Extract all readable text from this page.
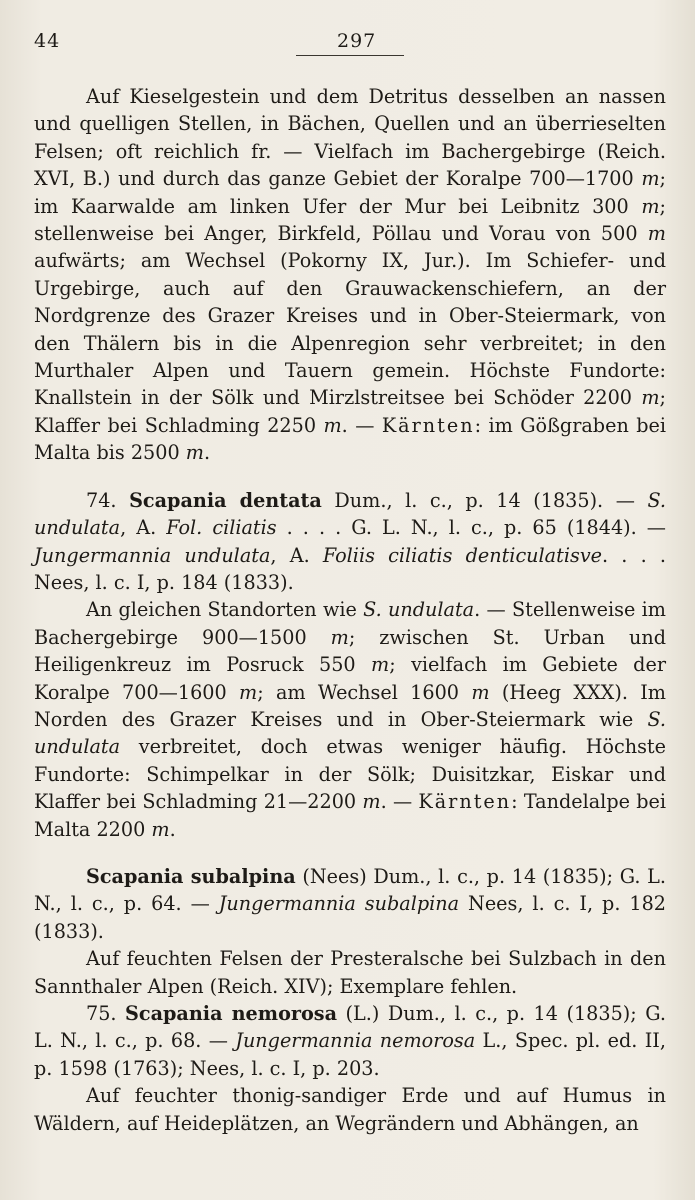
44	297

Auf Kieselgestein und dem Detritus desselben an nassen und quelligen Stellen, in Bächen, Quellen und an überrieselten Felsen; oft reichlich fr. — Vielfach im Bachergebirge (Reich. XVI, B.) und durch das ganze Gebiet der Koralpe 700—1700 m; im Kaarwalde am linken Ufer der Mur bei Leibnitz 300 m; stellenweise bei Anger, Birkfeld, Pöllau und Vorau von 500 m aufwärts; am Wechsel (Pokorny IX, Jur.). Im Schiefer- und Urgebirge, auch auf den Grauwackenschiefern, an der Nordgrenze des Grazer Kreises und in Ober-Steiermark, von den Thälern bis in die Alpenregion sehr verbreitet; in den Murthaler Alpen und Tauern gemein. Höchste Fundorte: Knallstein in der Sölk und Mirzlstreitsee bei Schöder 2200 m; Klaffer bei Schladming 2250 m. — Kärnten: im Gößgraben bei Malta bis 2500 m.

74. Scapania dentata Dum., l. c., p. 14 (1835). — S. undulata, A. Fol. ciliatis . . . . G. L. N., l. c., p. 65 (1844). — Jungermannia undulata, A. Foliis ciliatis denticulatisve. . . . Nees, l. c. I, p. 184 (1833).

An gleichen Standorten wie S. undulata. — Stellenweise im Bachergebirge 900—1500 m; zwischen St. Urban und Heiligenkreuz im Posruck 550 m; vielfach im Gebiete der Koralpe 700—1600 m; am Wechsel 1600 m (Heeg XXX). Im Norden des Grazer Kreises und in Ober-Steiermark wie S. undulata verbreitet, doch etwas weniger häufig. Höchste Fundorte: Schimpelkar in der Sölk; Duisitzkar, Eiskar und Klaffer bei Schladming 21—2200 m. — Kärnten: Tandelalpe bei Malta 2200 m.

Scapania subalpina (Nees) Dum., l. c., p. 14 (1835); G. L. N., l. c., p. 64. — Jungermannia subalpina Nees, l. c. I, p. 182 (1833).

Auf feuchten Felsen der Presteralsche bei Sulzbach in den Sannthaler Alpen (Reich. XIV); Exemplare fehlen.

75. Scapania nemorosa (L.) Dum., l. c., p. 14 (1835); G. L. N., l. c., p. 68. — Jungermannia nemorosa L., Spec. pl. ed. II, p. 1598 (1763); Nees, l. c. I, p. 203.

Auf feuchter thonig-sandiger Erde und auf Humus in Wäldern, auf Heideplätzen, an Wegrändern und Abhängen, an
